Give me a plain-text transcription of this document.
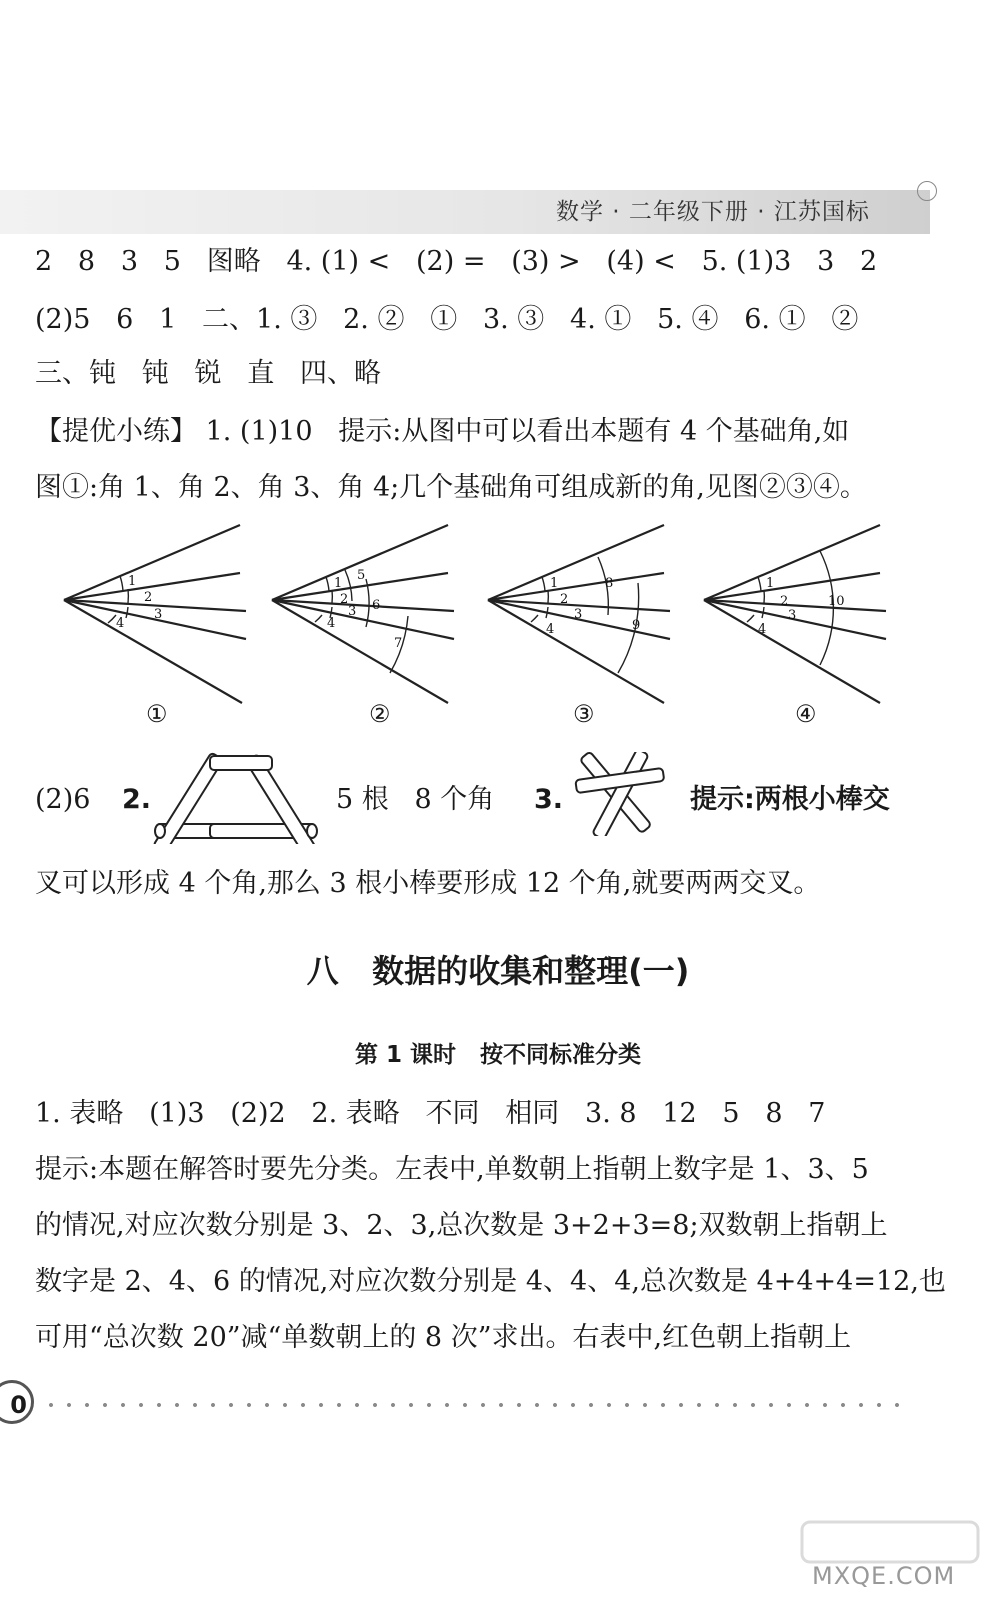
数学 · 二年级下册 · 江苏国标
2   8   3   5   图略   4. (1) <   (2) =   (3) >   (4) <   5. (1)3   3   2
(2)5   6   1   二、1. ③   2. ②   ①   3. ③   4. ①   5. ④   6. ①   ②
三、钝   钝   锐   直   四、略
【提优小练】 1. (1)10   提示:从图中可以看出本题有 4 个基础角,如
图①:角 1、角 2、角 3、角 4;几个基础角可组成新的角,见图②③④。
1
2
3
4
1
2
3
4
5
6
7
1
2
3
4
8
9
1
2
3
4
10
①	②	③	④
(2)6 2.	5 根   8 个角 3.	提示:两根小棒交
叉可以形成 4 个角,那么 3 根小棒要形成 12 个角,就要两两交叉。
八   数据的收集和整理(一)
第 1 课时   按不同标准分类
1. 表略   (1)3   (2)2   2. 表略   不同   相同   3. 8   12   5   8   7
提示:本题在解答时要先分类。左表中,单数朝上指朝上数字是 1、3、5
的情况,对应次数分别是 3、2、3,总次数是 3+2+3=8;双数朝上指朝上
数字是 2、4、6 的情况,对应次数分别是 4、4、4,总次数是 4+4+4=12,也
可用“总次数 20”减“单数朝上的 8 次”求出。右表中,红色朝上指朝上
0
MXQE.COM
